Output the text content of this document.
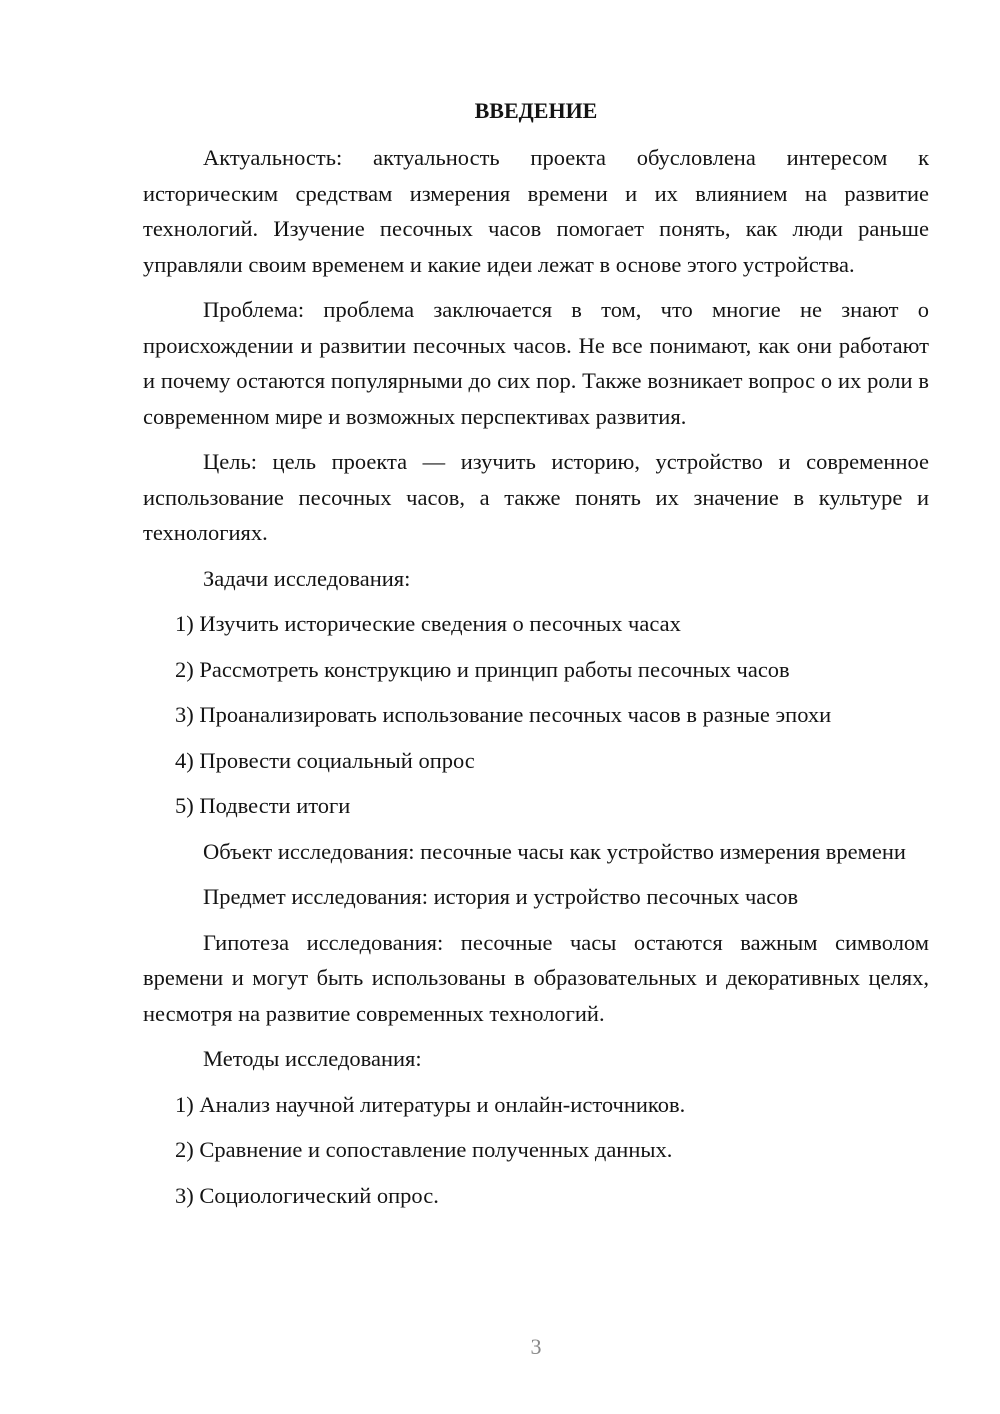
ВВЕДЕНИЕ

Актуальность: актуальность проекта обусловлена интересом к историческим средствам измерения времени и их влиянием на развитие технологий. Изучение песочных часов помогает понять, как люди раньше управляли своим временем и какие идеи лежат в основе этого устройства.

Проблема: проблема заключается в том, что многие не знают о происхождении и развитии песочных часов. Не все понимают, как они работают и почему остаются популярными до сих пор. Также возникает вопрос о их роли в современном мире и возможных перспективах развития.

Цель: цель проекта — изучить историю, устройство и современное использование песочных часов, а также понять их значение в культуре и технологиях.

Задачи исследования:

1) Изучить исторические сведения о песочных часах
2) Рассмотреть конструкцию и принцип работы песочных часов
3) Проанализировать использование песочных часов в разные эпохи
4) Провести социальный опрос
5) Подвести итоги

Объект исследования: песочные часы как устройство измерения времени

Предмет исследования: история и устройство песочных часов

Гипотеза исследования: песочные часы остаются важным символом времени и могут быть использованы в образовательных и декоративных целях, несмотря на развитие современных технологий.

Методы исследования:

1) Анализ научной литературы и онлайн-источников.
2) Сравнение и сопоставление полученных данных.
3) Социологический опрос.
3
